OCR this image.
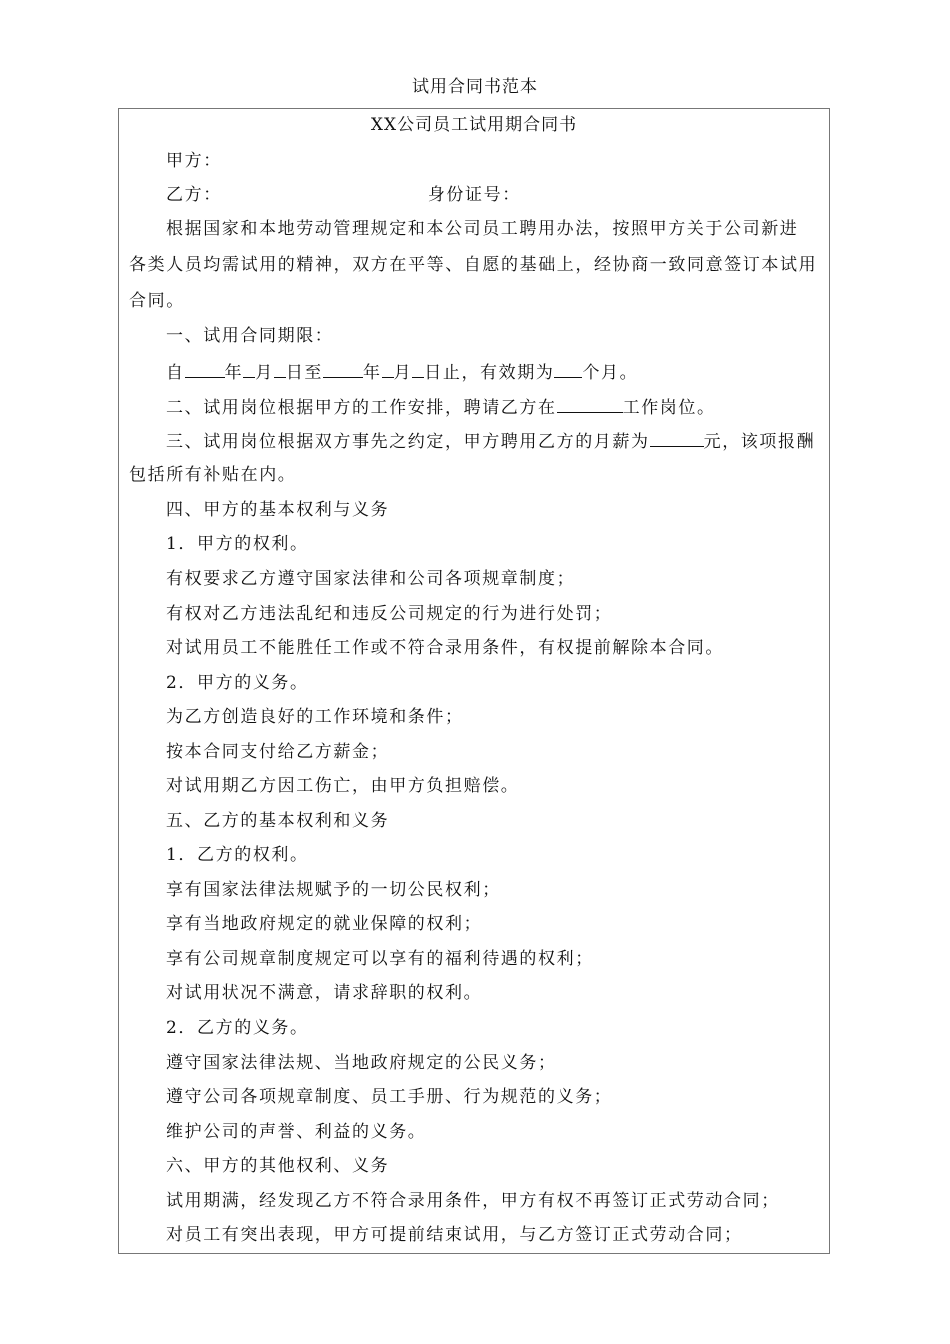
试用合同书范本
XX公司员工试用期合同书
甲方：
乙方：	身份证号：
根据国家和本地劳动管理规定和本公司员工聘用办法，按照甲方关于公司新进
各类人员均需试用的精神，双方在平等、自愿的基础上，经协商一致同意签订本试用
合同。
一、试用合同期限：
自 年 月 日至 年 月 日止，有效期为 个月。
二、试用岗位根据甲方的工作安排，聘请乙方在	工作岗位。
三、试用岗位根据双方事先之约定，甲方聘用乙方的月薪为	元，该项报酬
包括所有补贴在内。
四、甲方的基本权利与义务
1．甲方的权利。
有权要求乙方遵守国家法律和公司各项规章制度；
有权对乙方违法乱纪和违反公司规定的行为进行处罚；
对试用员工不能胜任工作或不符合录用条件，有权提前解除本合同。
2．甲方的义务。
为乙方创造良好的工作环境和条件；
按本合同支付给乙方薪金；
对试用期乙方因工伤亡，由甲方负担赔偿。
五、乙方的基本权利和义务
1．乙方的权利。
享有国家法律法规赋予的一切公民权利；
享有当地政府规定的就业保障的权利；
享有公司规章制度规定可以享有的福利待遇的权利；
对试用状况不满意，请求辞职的权利。
2．乙方的义务。
遵守国家法律法规、当地政府规定的公民义务；
遵守公司各项规章制度、员工手册、行为规范的义务；
维护公司的声誉、利益的义务。
六、甲方的其他权利、义务
试用期满，经发现乙方不符合录用条件，甲方有权不再签订正式劳动合同；
对员工有突出表现，甲方可提前结束试用，与乙方签订正式劳动合同；
